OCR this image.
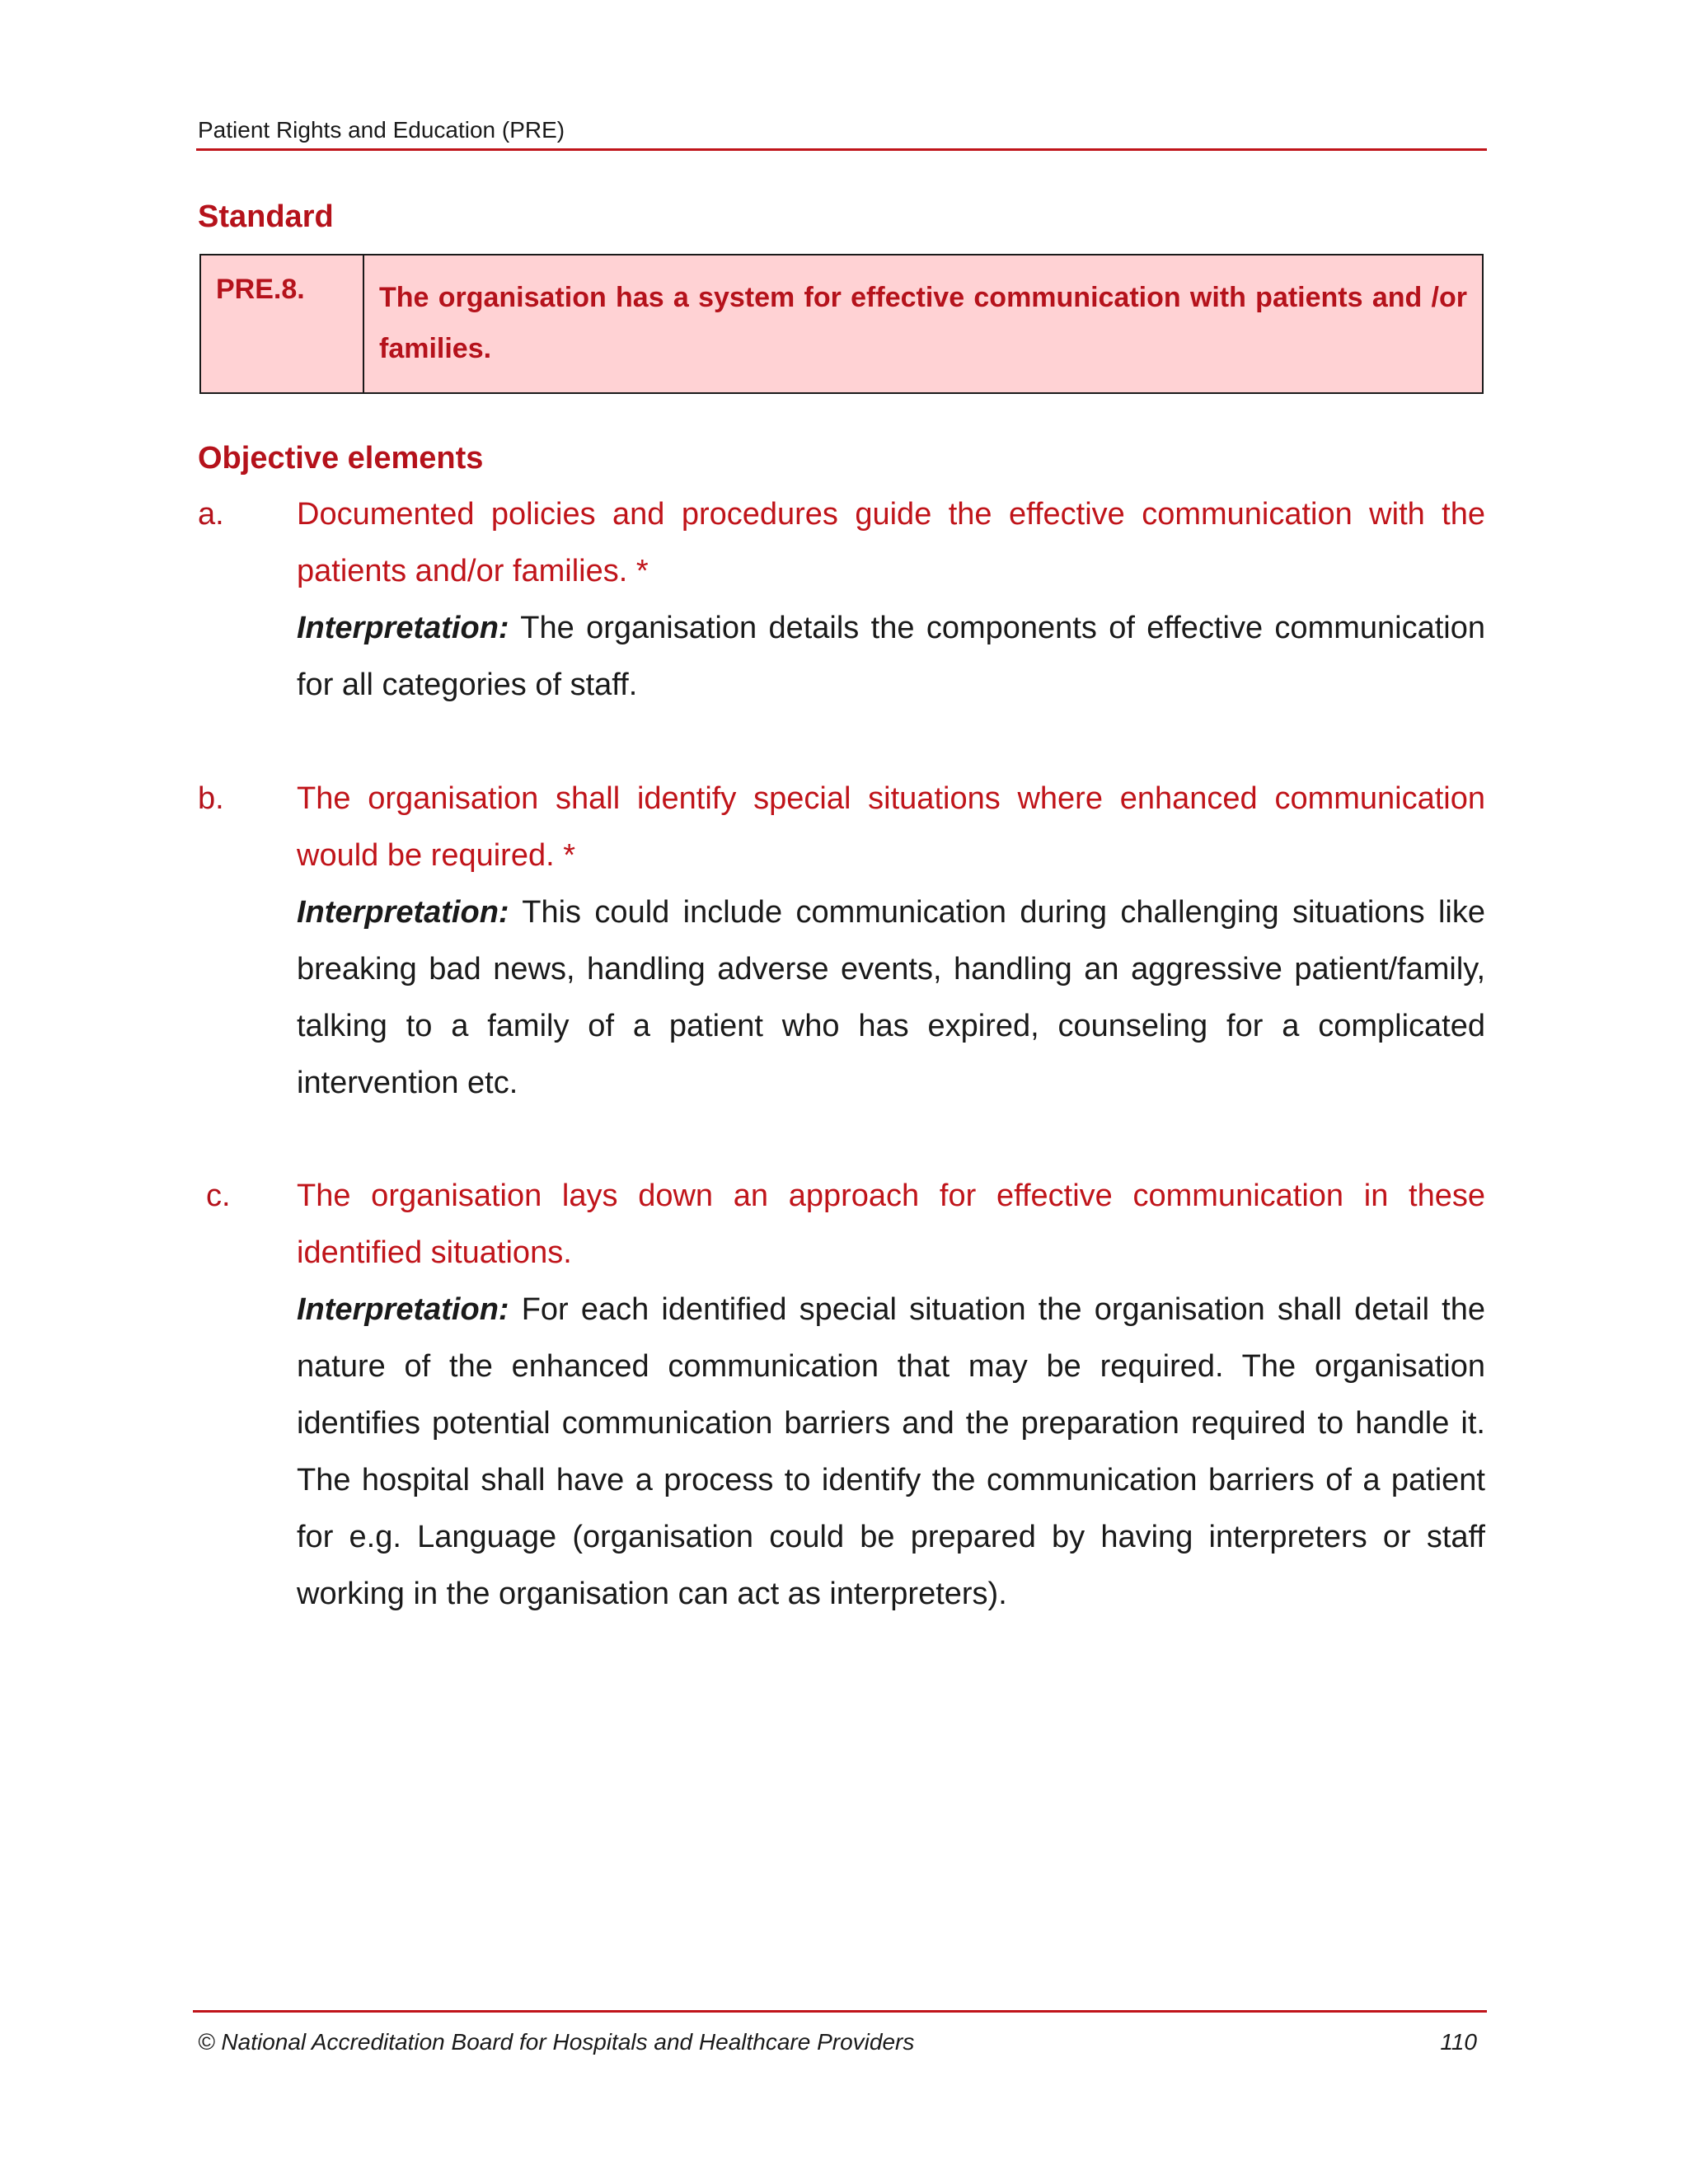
Patient Rights and Education (PRE)
Standard
PRE.8.	The organisation has a system for effective communication with patients and /or families.
Objective elements
a. Documented policies and procedures guide the effective communication with the patients and/or families. *
Interpretation: The organisation details the components of effective communication for all categories of staff.
b. The organisation shall identify special situations where enhanced communication would be required. *
Interpretation: This could include communication during challenging situations like breaking bad news, handling adverse events, handling an aggressive patient/family, talking to a family of a patient who has expired, counseling for a complicated intervention etc.
c. The organisation lays down an approach for effective communication in these identified situations.
Interpretation: For each identified special situation the organisation shall detail the nature of the enhanced communication that may be required. The organisation identifies potential communication barriers and the preparation required to handle it. The hospital shall have a process to identify the communication barriers of a patient for e.g. Language (organisation could be prepared by having interpreters or staff working in the organisation can act as interpreters).
© National Accreditation Board for Hospitals and Healthcare Providers	110
